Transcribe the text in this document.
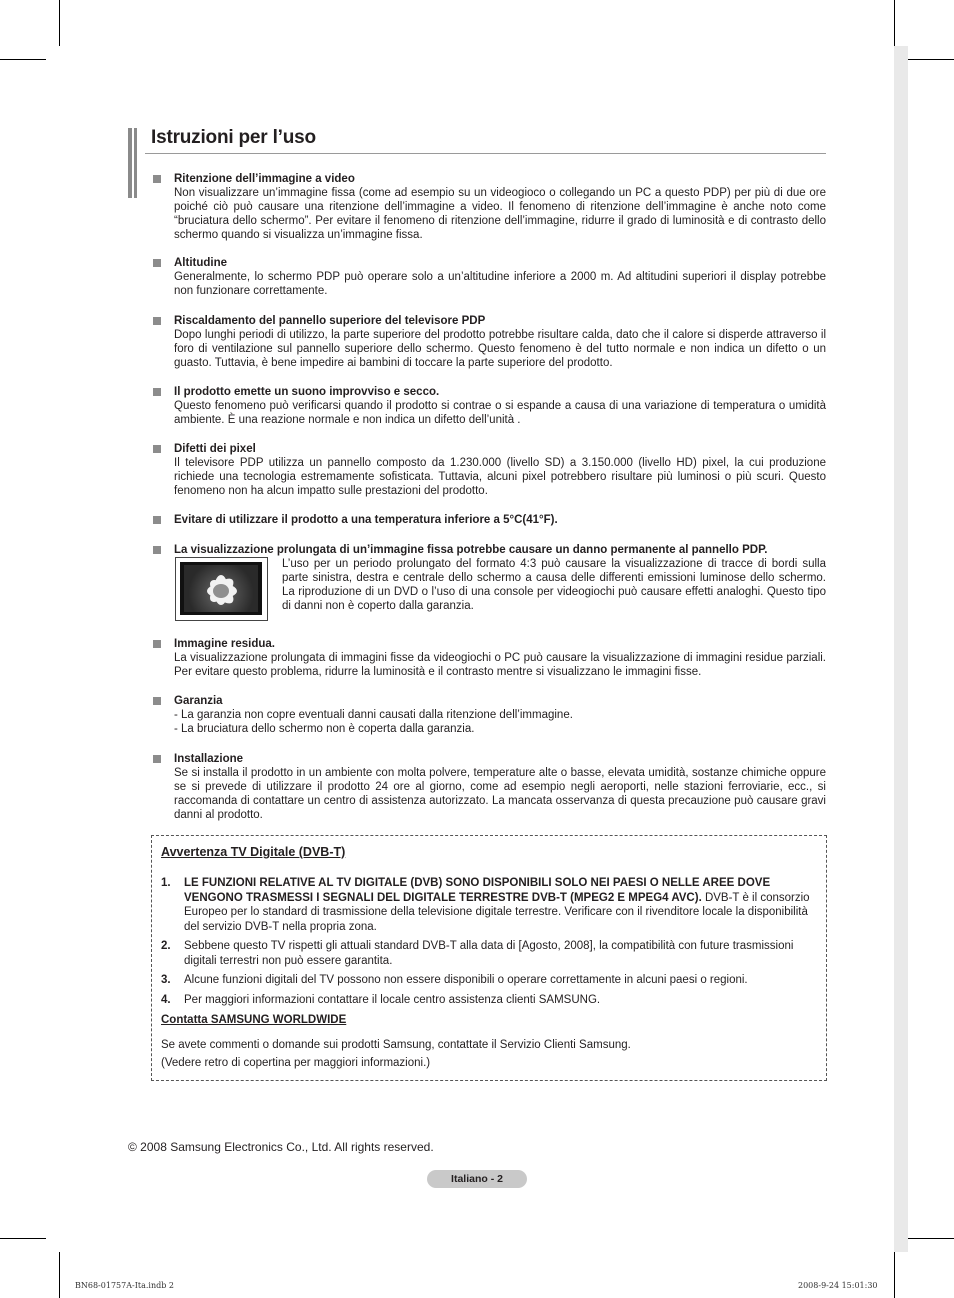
Istruzioni per l’uso
Ritenzione dell’immagine a video
Non visualizzare un’immagine fissa (come ad esempio su un videogioco o collegando un PC a questo PDP) per più di due ore poiché ciò può causare una ritenzione dell’immagine a video. Il fenomeno di ritenzione dell’immagine è anche noto come “bruciatura dello schermo”. Per evitare il fenomeno di ritenzione dell’immagine, ridurre il grado di luminosità e di contrasto dello schermo quando si visualizza un’immagine fissa.
Altitudine
Generalmente, lo schermo PDP può operare solo a un’altitudine inferiore a 2000 m. Ad altitudini superiori il display potrebbe non funzionare correttamente.
Riscaldamento del pannello superiore del televisore PDP
Dopo lunghi periodi di utilizzo, la parte superiore del prodotto potrebbe risultare calda, dato che il calore si disperde attraverso il foro di ventilazione sul pannello superiore dello schermo. Questo fenomeno è del tutto normale e non indica un difetto o un guasto. Tuttavia, è bene impedire ai bambini di toccare la parte superiore del prodotto.
Il prodotto emette un suono improvviso e secco.
Questo fenomeno può verificarsi quando il prodotto si contrae o si espande a causa di una variazione di temperatura o umidità ambiente. È una reazione normale e non indica un difetto dell’unità .
Difetti dei pixel
Il televisore PDP utilizza un pannello composto da 1.230.000 (livello SD) a 3.150.000 (livello HD) pixel, la cui produzione richiede una tecnologia estremamente sofisticata. Tuttavia, alcuni pixel potrebbero risultare più luminosi o più scuri. Questo fenomeno non ha alcun impatto sulle prestazioni del prodotto.
Evitare di utilizzare il prodotto a una temperatura inferiore a 5°C(41°F).
La visualizzazione prolungata di un’immagine fissa potrebbe causare un danno permanente al pannello PDP.
L’uso per un periodo prolungato del formato 4:3 può causare la visualizzazione di tracce di bordi sulla parte sinistra, destra e centrale dello schermo a causa delle differenti emissioni luminose dello schermo. La riproduzione di un DVD o l’uso di una console per videogiochi può causare effetti analoghi. Questo tipo di danni non è coperto dalla garanzia.
Immagine residua.
La visualizzazione prolungata di immagini fisse da videogiochi o PC può causare la visualizzazione di immagini residue parziali. Per evitare questo problema, ridurre la luminosità e il contrasto mentre si visualizzano le immagini fisse.
Garanzia

- La garanzia non copre eventuali danni causati dalla ritenzione dell’immagine.

- La bruciatura dello schermo non è coperta dalla garanzia.

Installazione
Se si installa il prodotto in un ambiente con molta polvere, temperature alte o basse, elevata umidità, sostanze chimiche oppure se si prevede di utilizzare il prodotto 24 ore al giorno, come ad esempio negli aeroporti, nelle stazioni ferroviarie, ecc., si raccomanda di contattare un centro di assistenza autorizzato. La mancata osservanza di questa precauzione può causare gravi danni al prodotto.
Avvertenza TV Digitale (DVB-T)
1. LE FUNZIONI RELATIVE AL TV DIGITALE (DVB) SONO DISPONIBILI SOLO NEI PAESI O NELLE AREE DOVE VENGONO TRASMESSI I SEGNALI DEL DIGITALE TERRESTRE DVB-T (MPEG2 E MPEG4 AVC). DVB-T è il consorzio Europeo per lo standard di trasmissione della televisione digitale terrestre. Verificare con il rivenditore locale la disponibilità del servizio DVB-T nella propria zona.
2. Sebbene questo TV rispetti gli attuali standard DVB-T alla data di [Agosto, 2008], la compatibilità con future trasmissioni digitali terrestri non può essere garantita.
3. Alcune funzioni digitali del TV possono non essere disponibili o operare correttamente in alcuni paesi o regioni.
4. Per maggiori informazioni contattare il locale centro assistenza clienti SAMSUNG.
Contatta SAMSUNG WORLDWIDE
Se avete commenti o domande sui prodotti Samsung, contattate il Servizio Clienti Samsung.
(Vedere retro di copertina per maggiori informazioni.)
© 2008 Samsung Electronics Co., Ltd. All rights reserved.
Italiano - 2
BN68-01757A-Ita.indb 2	2008-9-24 15:01:30
